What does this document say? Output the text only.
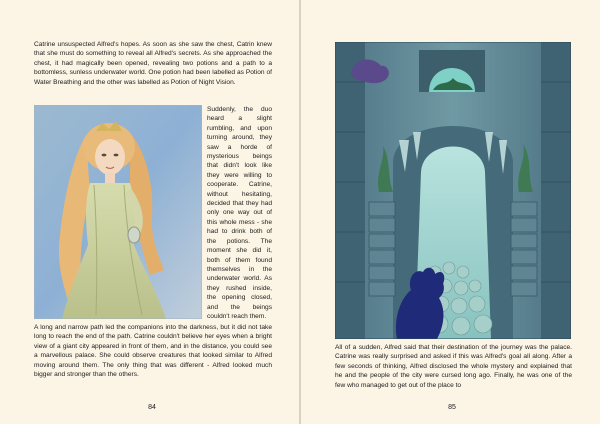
Catrine unsuspected Alfred's hopes. As soon as she saw the chest, Catrin knew that she must do something to reveal all Alfred's secrets. As she approached the chest, it had magically been opened, revealing two potions and a path to a bottomless, sunless underwater world. One potion had been labelled as Potion of Water Breathing and the other was labelled as Potion of Night Vision.

Suddenly, the duo heard a slight rumbling, and upon turning around, they saw a horde of mysterious beings that didn't look like they were willing to cooperate. Catrine, without hesitating, decided that they had only one way out of this whole mess - she had to drink both of the potions. The moment she did it, both of them found themselves in the underwater world. As they rushed inside, the opening closed, and the beings couldn't reach them.

A long and narrow path led the companions into the darkness, but it did not take long to reach the end of the path. Catrine couldn't believe her eyes when a bright view of a giant city appeared in front of them, and in the distance, you could see a marvellous palace. She could observe creatures that looked similar to Alfred moving around them. The only thing that was different - Alfred looked much bigger and stronger than the others.

84

All of a sudden, Alfred said that their destination of the journey was the palace. Catrine was really surprised and asked if this was Alfred's goal all along. After a few seconds of thinking, Alfred disclosed the whole mystery and explained that he and the people of the city were cursed long ago. Finally, he was one of the few who managed to get out of the place to

85
